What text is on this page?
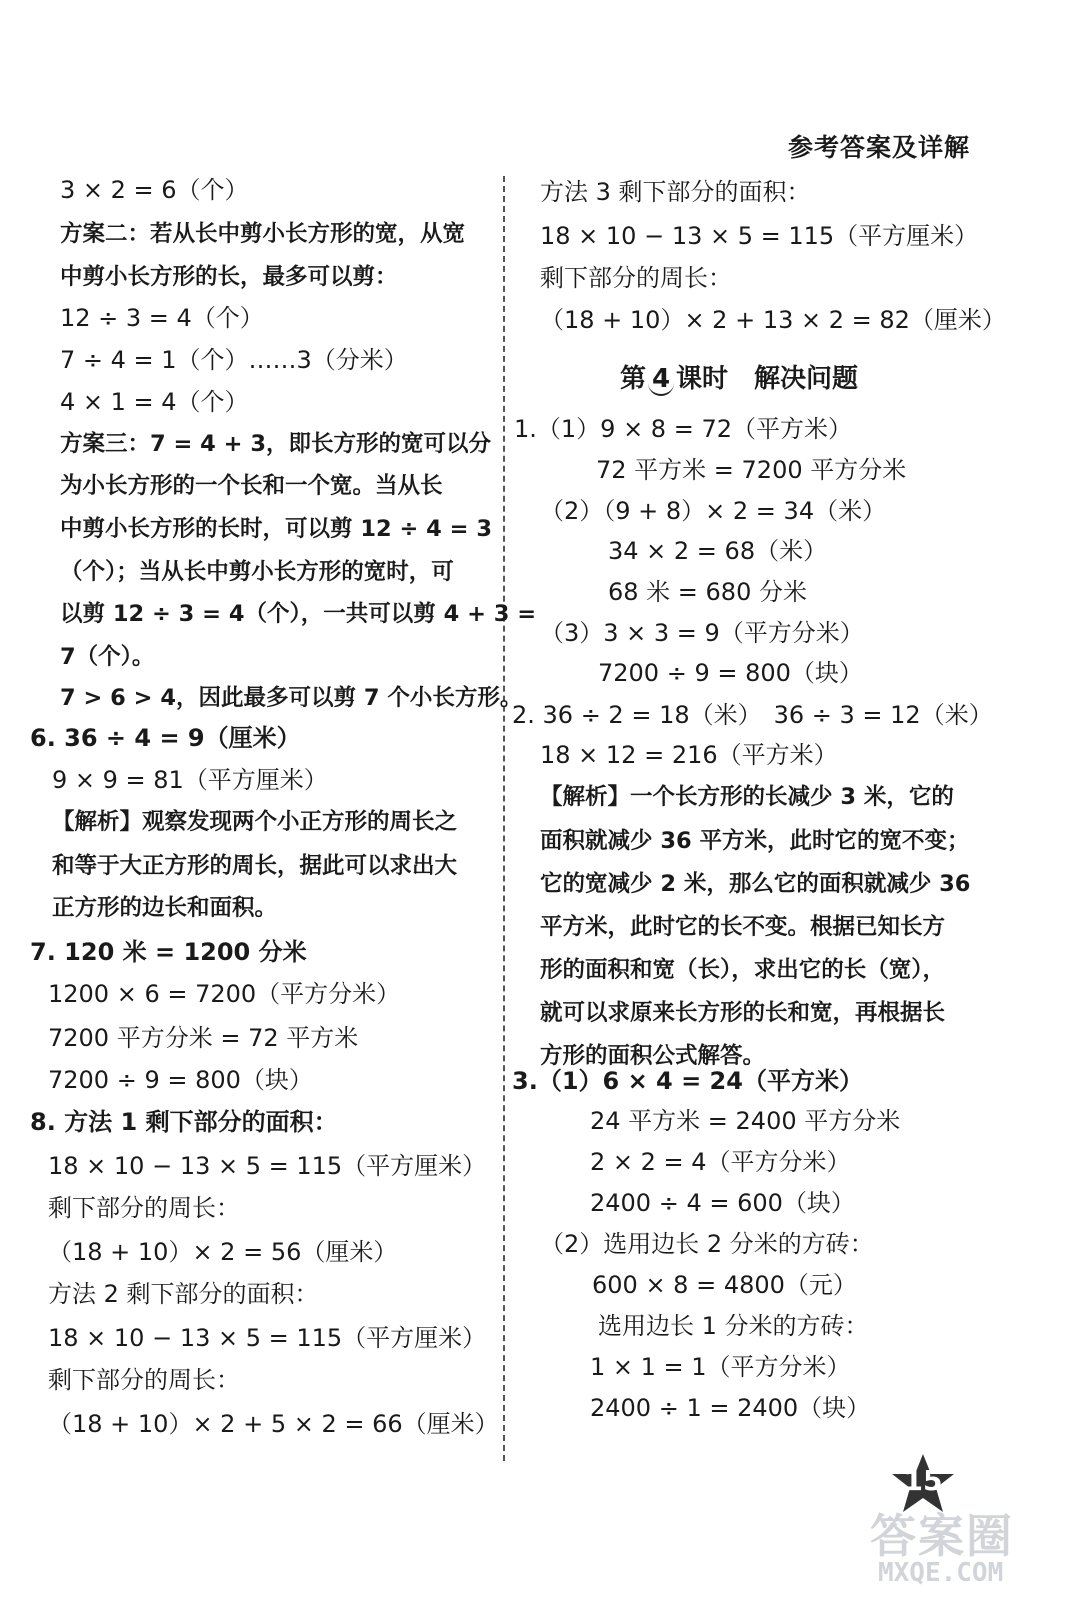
参考答案及详解
3 × 2 = 6（个）
方案二：若从长中剪小长方形的宽，从宽
中剪小长方形的长，最多可以剪：
12 ÷ 3 = 4（个）
7 ÷ 4 = 1（个）……3（分米）
4 × 1 = 4（个）
方案三：7 = 4 + 3，即长方形的宽可以分
为小长方形的一个长和一个宽。当从长
中剪小长方形的长时，可以剪 12 ÷ 4 = 3
（个）；当从长中剪小长方形的宽时，可
以剪 12 ÷ 3 = 4（个），一共可以剪 4 + 3 =
7（个）。
7 > 6 > 4，因此最多可以剪 7 个小长方形。
6. 36 ÷ 4 = 9（厘米）
9 × 9 = 81（平方厘米）
【解析】观察发现两个小正方形的周长之
和等于大正方形的周长，据此可以求出大
正方形的边长和面积。
7. 120 米 = 1200 分米
1200 × 6 = 7200（平方分米）
7200 平方分米 = 72 平方米
7200 ÷ 9 = 800（块）
8. 方法 1 剩下部分的面积：
18 × 10 − 13 × 5 = 115（平方厘米）
剩下部分的周长：
（18 + 10）× 2 = 56（厘米）
方法 2 剩下部分的面积：
18 × 10 − 13 × 5 = 115（平方厘米）
剩下部分的周长：
（18 + 10）× 2 + 5 × 2 = 66（厘米）
方法 3 剩下部分的面积：
18 × 10 − 13 × 5 = 115（平方厘米）
剩下部分的周长：
（18 + 10）× 2 + 13 × 2 = 82（厘米）
第 4 课时　解决问题
1.（1）9 × 8 = 72（平方米）
72 平方米 = 7200 平方分米
（2）（9 + 8）× 2 = 34（米）
34 × 2 = 68（米）
68 米 = 680 分米
（3）3 × 3 = 9（平方分米）
7200 ÷ 9 = 800（块）
2. 36 ÷ 2 = 18（米）　36 ÷ 3 = 12（米）
18 × 12 = 216（平方米）
【解析】一个长方形的长减少 3 米，它的
面积就减少 36 平方米，此时它的宽不变；
它的宽减少 2 米，那么它的面积就减少 36
平方米，此时它的长不变。根据已知长方
形的面积和宽（长），求出它的长（宽），
就可以求原来长方形的长和宽，再根据长
方形的面积公式解答。
3.（1）6 × 4 = 24（平方米）
24 平方米 = 2400 平方分米
2 × 2 = 4（平方分米）
2400 ÷ 4 = 600（块）
（2）选用边长 2 分米的方砖：
600 × 8 = 4800（元）
选用边长 1 分米的方砖：
1 × 1 = 1（平方分米）
2400 ÷ 1 = 2400（块）
15
答案圈
MXQE.COM
